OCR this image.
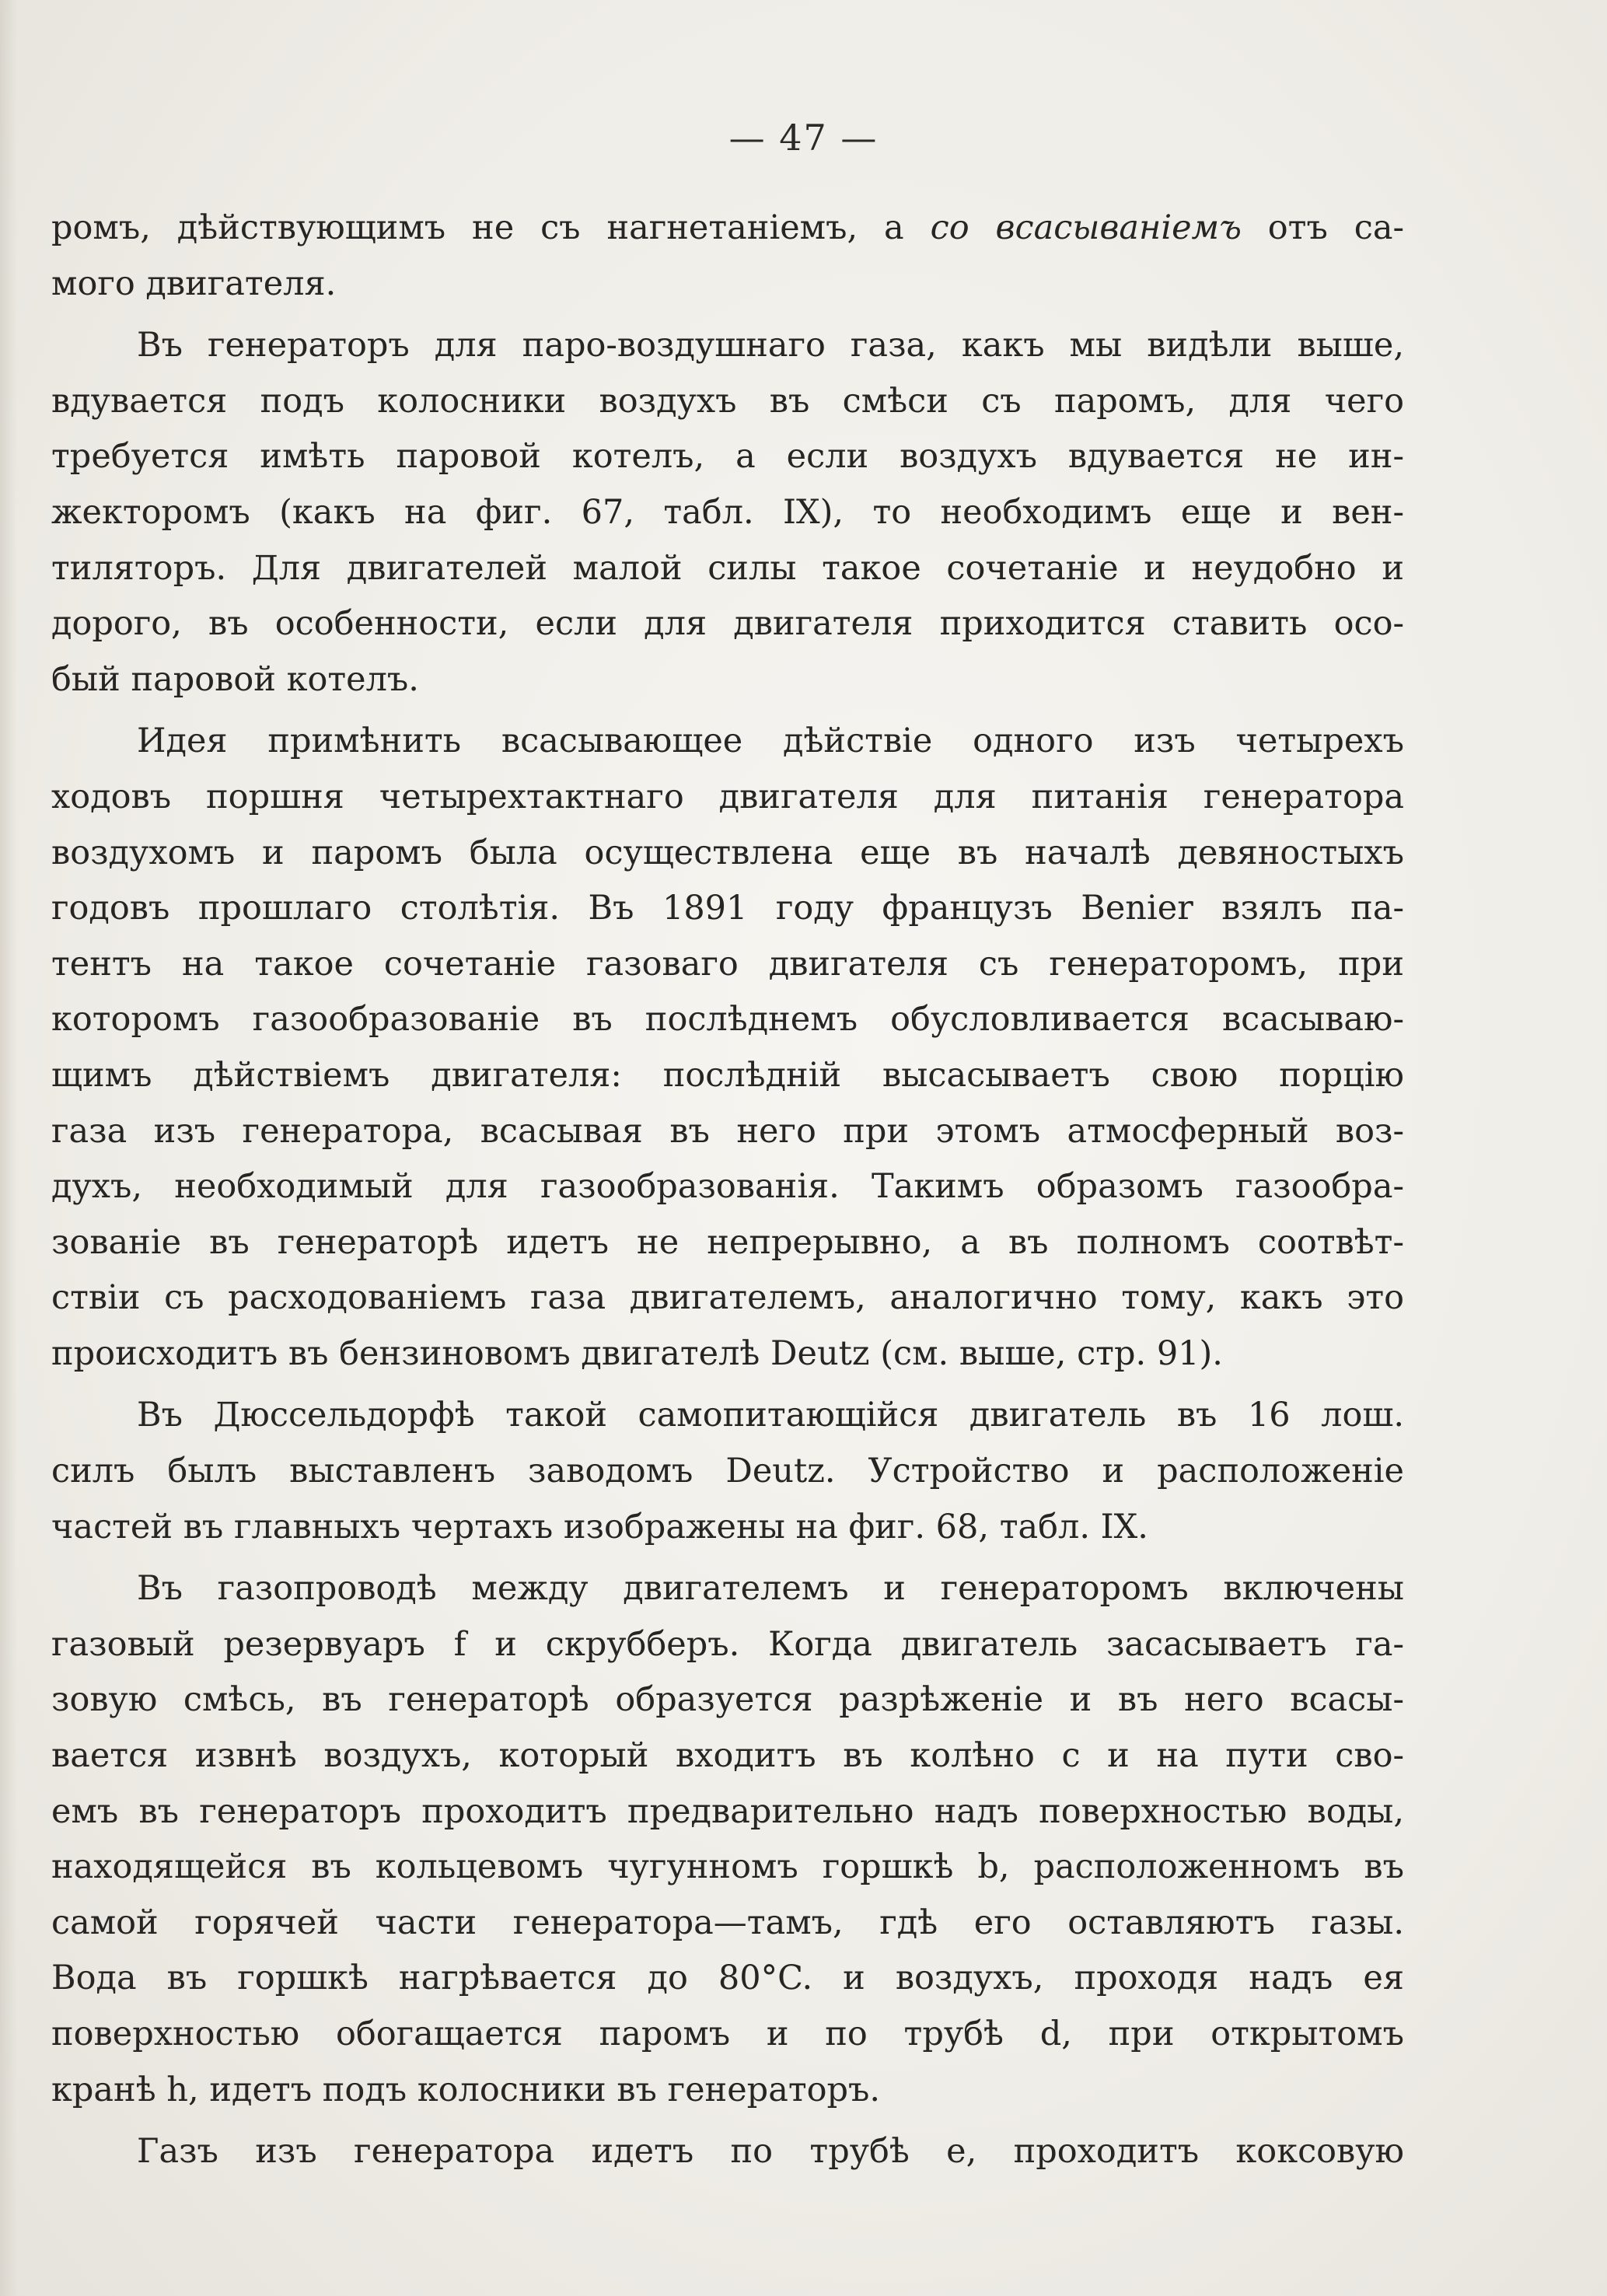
— 47 —
ромъ, дѣйствующимъ не съ нагнетаніемъ, а со всасываніемъ отъ са-
мого двигателя.
Въ генераторъ для паро-воздушнаго газа, какъ мы видѣли выше,
вдувается подъ колосники воздухъ въ смѣси съ паромъ, для чего
требуется имѣть паровой котелъ, а если воздухъ вдувается не ин-
жекторомъ (какъ на фиг. 67, табл. IX), то необходимъ еще и вен-
тиляторъ. Для двигателей малой силы такое сочетаніе и неудобно и
дорого, въ особенности, если для двигателя приходится ставить осо-
бый паровой котелъ.
Идея примѣнить всасывающее дѣйствіе одного изъ четырехъ
ходовъ поршня четырехтактнаго двигателя для питанія генератора
воздухомъ и паромъ была осуществлена еще въ началѣ девяностыхъ
годовъ прошлаго столѣтія. Въ 1891 году французъ Benier взялъ па-
тентъ на такое сочетаніе газоваго двигателя съ генераторомъ, при
которомъ газообразованіе въ послѣднемъ обусловливается всасываю-
щимъ дѣйствіемъ двигателя: послѣдній высасываетъ свою порцію
газа изъ генератора, всасывая въ него при этомъ атмосферный воз-
духъ, необходимый для газообразованія. Такимъ образомъ газообра-
зованіе въ генераторѣ идетъ не непрерывно, а въ полномъ соотвѣт-
ствіи съ расходованіемъ газа двигателемъ, аналогично тому, какъ это
происходитъ въ бензиновомъ двигателѣ Deutz (см. выше, стр. 91).
Въ Дюссельдорфѣ такой самопитающійся двигатель въ 16 лош.
силъ былъ выставленъ заводомъ Deutz. Устройство и расположеніе
частей въ главныхъ чертахъ изображены на фиг. 68, табл. IX.
Въ газопроводѣ между двигателемъ и генераторомъ включены
газовый резервуаръ f и скрубберъ. Когда двигатель засасываетъ га-
зовую смѣсь, въ генераторѣ образуется разрѣженіе и въ него всасы-
вается извнѣ воздухъ, который входитъ въ колѣно с и на пути сво-
емъ въ генераторъ проходитъ предварительно надъ поверхностью воды,
находящейся въ кольцевомъ чугунномъ горшкѣ b, расположенномъ въ
самой горячей части генератора—тамъ, гдѣ его оставляютъ газы.
Вода въ горшкѣ нагрѣвается до 80°C. и воздухъ, проходя надъ ея
поверхностью обогащается паромъ и по трубѣ d, при открытомъ
кранѣ h, идетъ подъ колосники въ генераторъ.
Газъ изъ генератора идетъ по трубѣ е, проходитъ коксовую
